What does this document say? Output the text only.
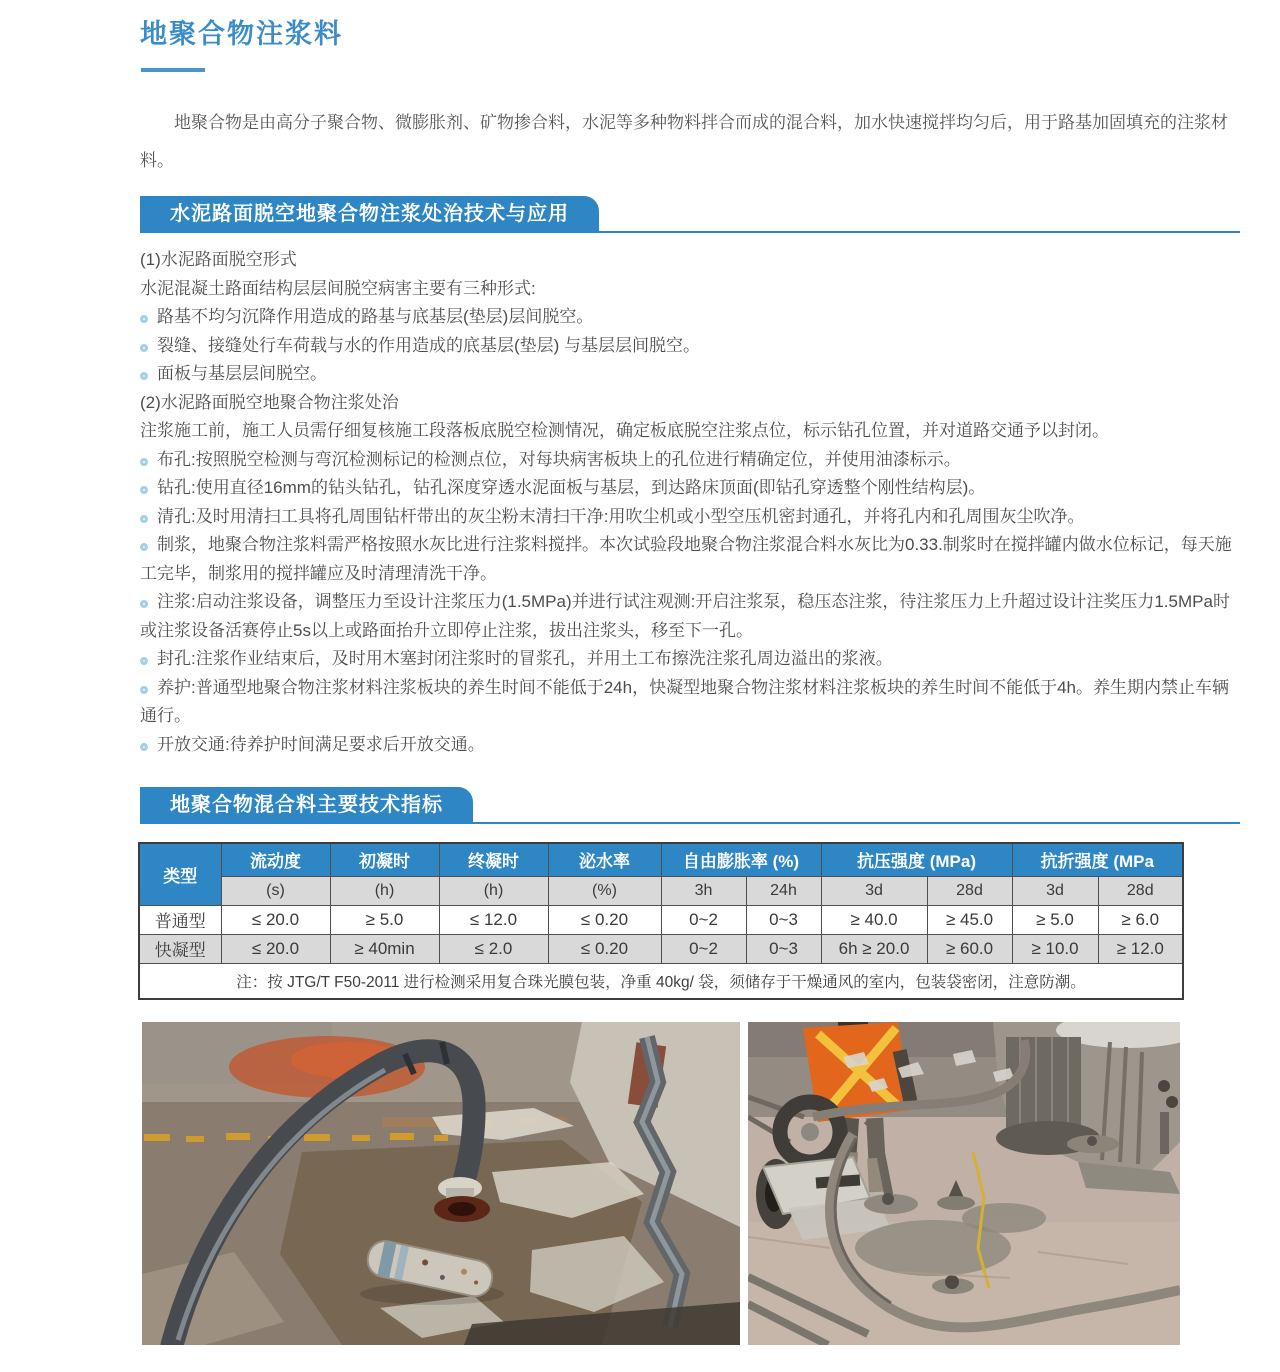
地聚合物注浆料
地聚合物是由高分子聚合物、微膨胀剂、矿物掺合料，水泥等多种物料拌合而成的混合料，加水快速搅拌均匀后，用于路基加固填充的注浆材料。
水泥路面脱空地聚合物注浆处治技术与应用

(1)水泥路面脱空形式

水泥混凝土路面结构层层间脱空病害主要有三种形式:

路基不均匀沉降作用造成的路基与底基层(垫层)层间脱空。

裂缝、接缝处行车荷载与水的作用造成的底基层(垫层) 与基层层间脱空。

面板与基层层间脱空。

(2)水泥路面脱空地聚合物注浆处治

注浆施工前，施工人员需仔细复核施工段落板底脱空检测情况，确定板底脱空注浆点位，标示钻孔位置，并对道路交通予以封闭。

布孔:按照脱空检测与弯沉检测标记的检测点位，对每块病害板块上的孔位进行精确定位，并使用油漆标示。

钻孔:使用直径16mm的钻头钻孔，钻孔深度穿透水泥面板与基层，到达路床顶面(即钻孔穿透整个刚性结构层)。

清孔:及时用清扫工具将孔周围钻杆带出的灰尘粉末清扫干净:用吹尘机或小型空压机密封通孔，并将孔内和孔周围灰尘吹净。

制浆，地聚合物注浆料需严格按照水灰比进行注浆料搅拌。本次试验段地聚合物注浆混合料水灰比为0.33.制浆时在搅拌罐内做水位标记，每天施工完毕，制浆用的搅拌罐应及时清理清洗干净。

注浆:启动注浆设备，调整压力至设计注浆压力(1.5MPa)并进行试注观测:开启注浆泵，稳压态注浆，待注浆压力上升超过设计注奖压力1.5MPa时或注浆设备活赛停止5s以上或路面抬升立即停止注浆，拔出注浆头，移至下一孔。

封孔:注浆作业结束后，及时用木塞封闭注浆时的冒浆孔，并用土工布擦洗注浆孔周边溢出的浆液。

养护:普通型地聚合物注浆材料注浆板块的养生时间不能低于24h，快凝型地聚合物注浆材料注浆板块的养生时间不能低于4h。养生期内禁止车辆通行。

开放交通:待养护时间满足要求后开放交通。

地聚合物混合料主要技术指标
类型	流动度	初凝时	终凝时	泌水率	自由膨胀率 (%)		抗压强度 (MPa)		抗折强度 (MPa	
	(s)	(h)	(h)	(%)	3h	24h	3d	28d	3d	28d
普通型	≤ 20.0	≥ 5.0	≤ 12.0	≤ 0.20	0~2	0~3	≥ 40.0	≥ 45.0	≥ 5.0	≥ 6.0
快凝型	≤ 20.0	≥ 40min	≤ 2.0	≤ 0.20	0~2	0~3	6h ≥ 20.0	≥ 60.0	≥ 10.0	≥ 12.0
注：按 JTG/T F50-2011 进行检测采用复合珠光膜包装，净重 40kg/ 袋，须储存于干燥通风的室内，包装袋密闭，注意防潮。										
